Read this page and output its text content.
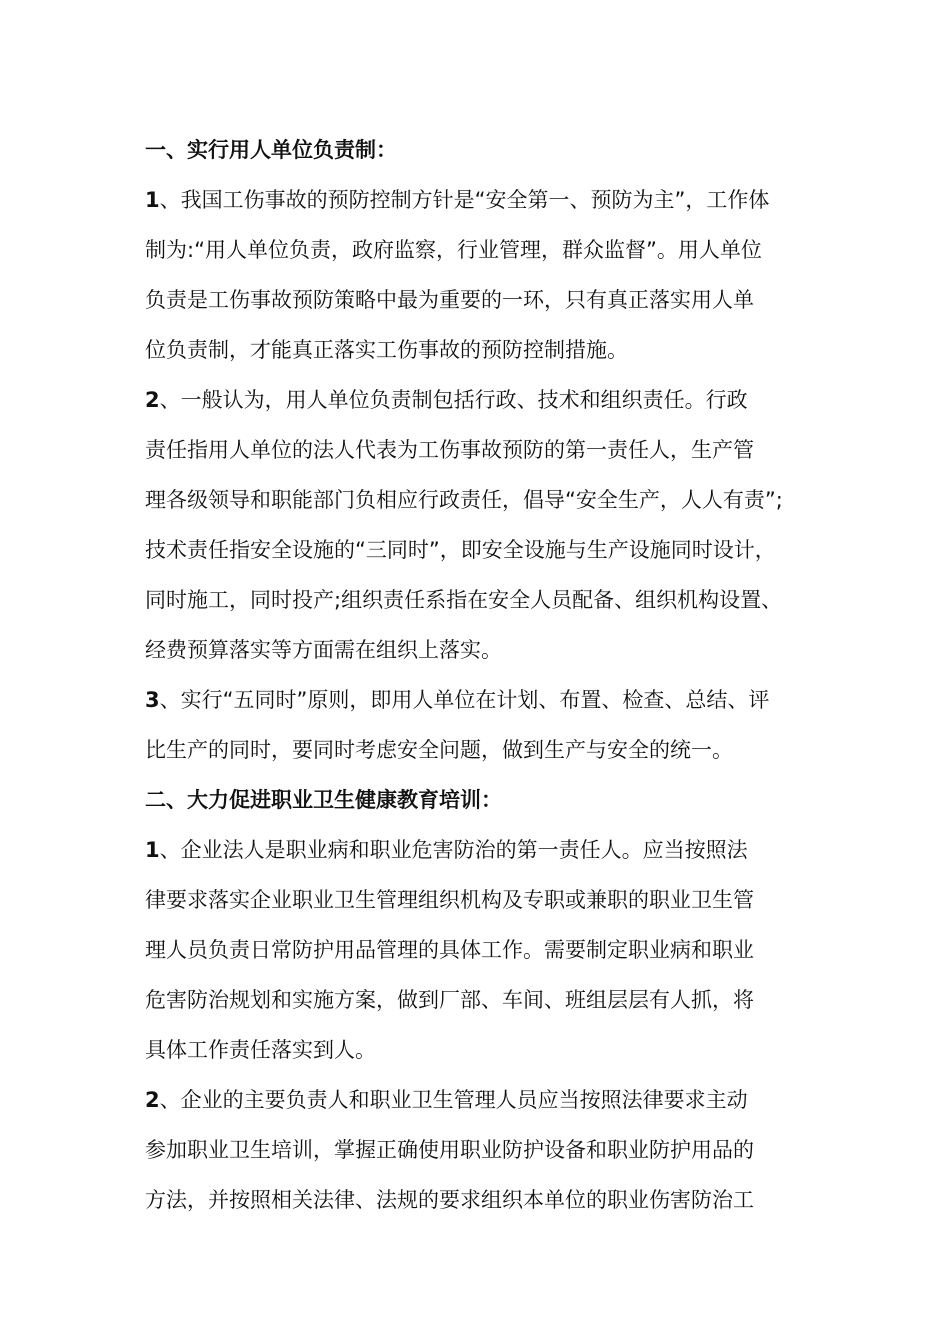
一、实行用人单位负责制：
1、我国工伤事故的预防控制方针是“安全第一、预防为主”，工作体
制为:“用人单位负责，政府监察，行业管理，群众监督”。用人单位
负责是工伤事故预防策略中最为重要的一环，只有真正落实用人单
位负责制，才能真正落实工伤事故的预防控制措施。
2、一般认为，用人单位负责制包括行政、技术和组织责任。行政
责任指用人单位的法人代表为工伤事故预防的第一责任人，生产管
理各级领导和职能部门负相应行政责任，倡导“安全生产，人人有责”;
技术责任指安全设施的“三同时”，即安全设施与生产设施同时设计，
同时施工，同时投产;组织责任系指在安全人员配备、组织机构设置、
经费预算落实等方面需在组织上落实。
3、实行“五同时”原则，即用人单位在计划、布置、检查、总结、评
比生产的同时，要同时考虑安全问题，做到生产与安全的统一。
二、大力促进职业卫生健康教育培训：
1、企业法人是职业病和职业危害防治的第一责任人。应当按照法
律要求落实企业职业卫生管理组织机构及专职或兼职的职业卫生管
理人员负责日常防护用品管理的具体工作。需要制定职业病和职业
危害防治规划和实施方案，做到厂部、车间、班组层层有人抓，将
具体工作责任落实到人。
2、企业的主要负责人和职业卫生管理人员应当按照法律要求主动
参加职业卫生培训，掌握正确使用职业防护设备和职业防护用品的
方法，并按照相关法律、法规的要求组织本单位的职业伤害防治工
